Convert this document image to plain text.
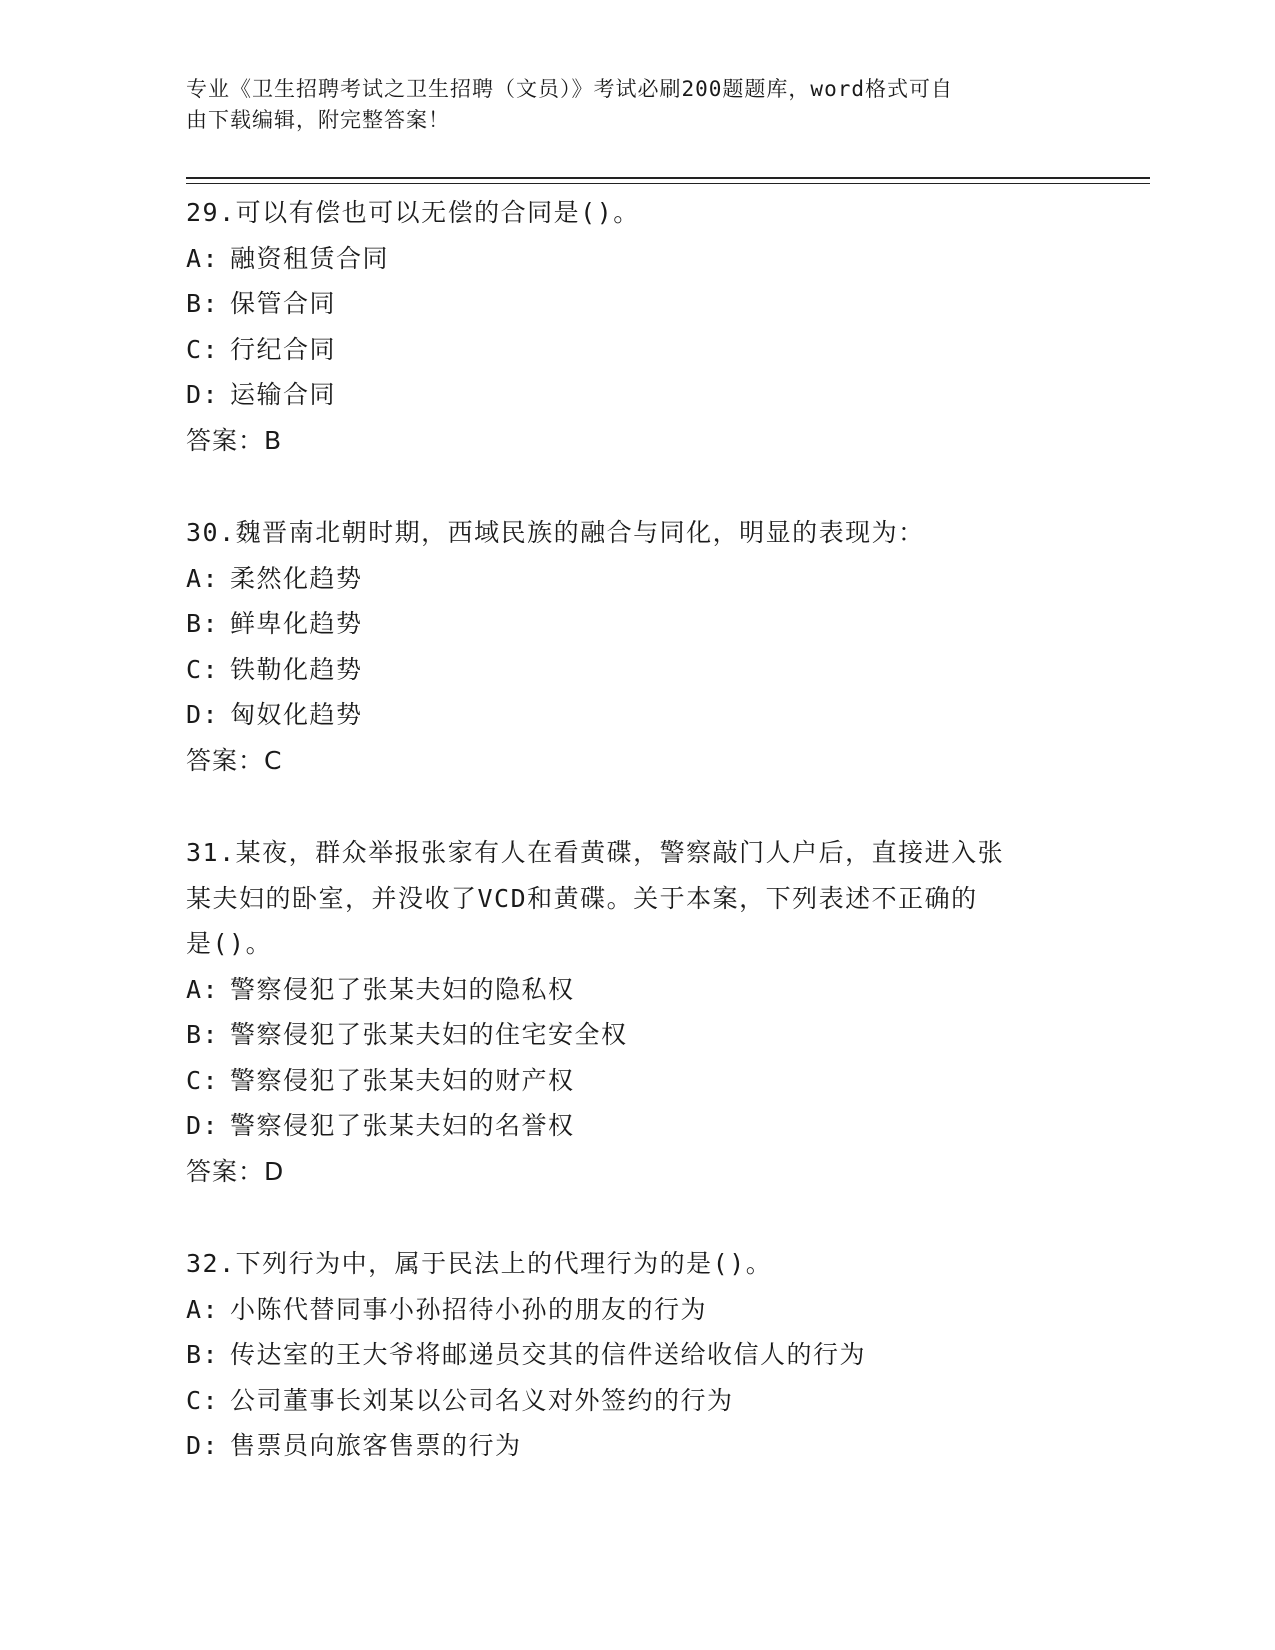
专业《卫生招聘考试之卫生招聘（文员）》考试必刷200题题库，word格式可自
由下载编辑，附完整答案！
29.可以有偿也可以无偿的合同是()。
A: 融资租赁合同
B: 保管合同
C: 行纪合同
D: 运输合同
答案：B
30.魏晋南北朝时期，西域民族的融合与同化，明显的表现为：
A: 柔然化趋势
B: 鲜卑化趋势
C: 铁勒化趋势
D: 匈奴化趋势
答案：C
31.某夜，群众举报张家有人在看黄碟，警察敲门人户后，直接进入张
某夫妇的卧室，并没收了VCD和黄碟。关于本案，下列表述不正确的
是()。
A: 警察侵犯了张某夫妇的隐私权
B: 警察侵犯了张某夫妇的住宅安全权
C: 警察侵犯了张某夫妇的财产权
D: 警察侵犯了张某夫妇的名誉权
答案：D
32.下列行为中，属于民法上的代理行为的是()。
A: 小陈代替同事小孙招待小孙的朋友的行为
B: 传达室的王大爷将邮递员交其的信件送给收信人的行为
C: 公司董事长刘某以公司名义对外签约的行为
D: 售票员向旅客售票的行为
